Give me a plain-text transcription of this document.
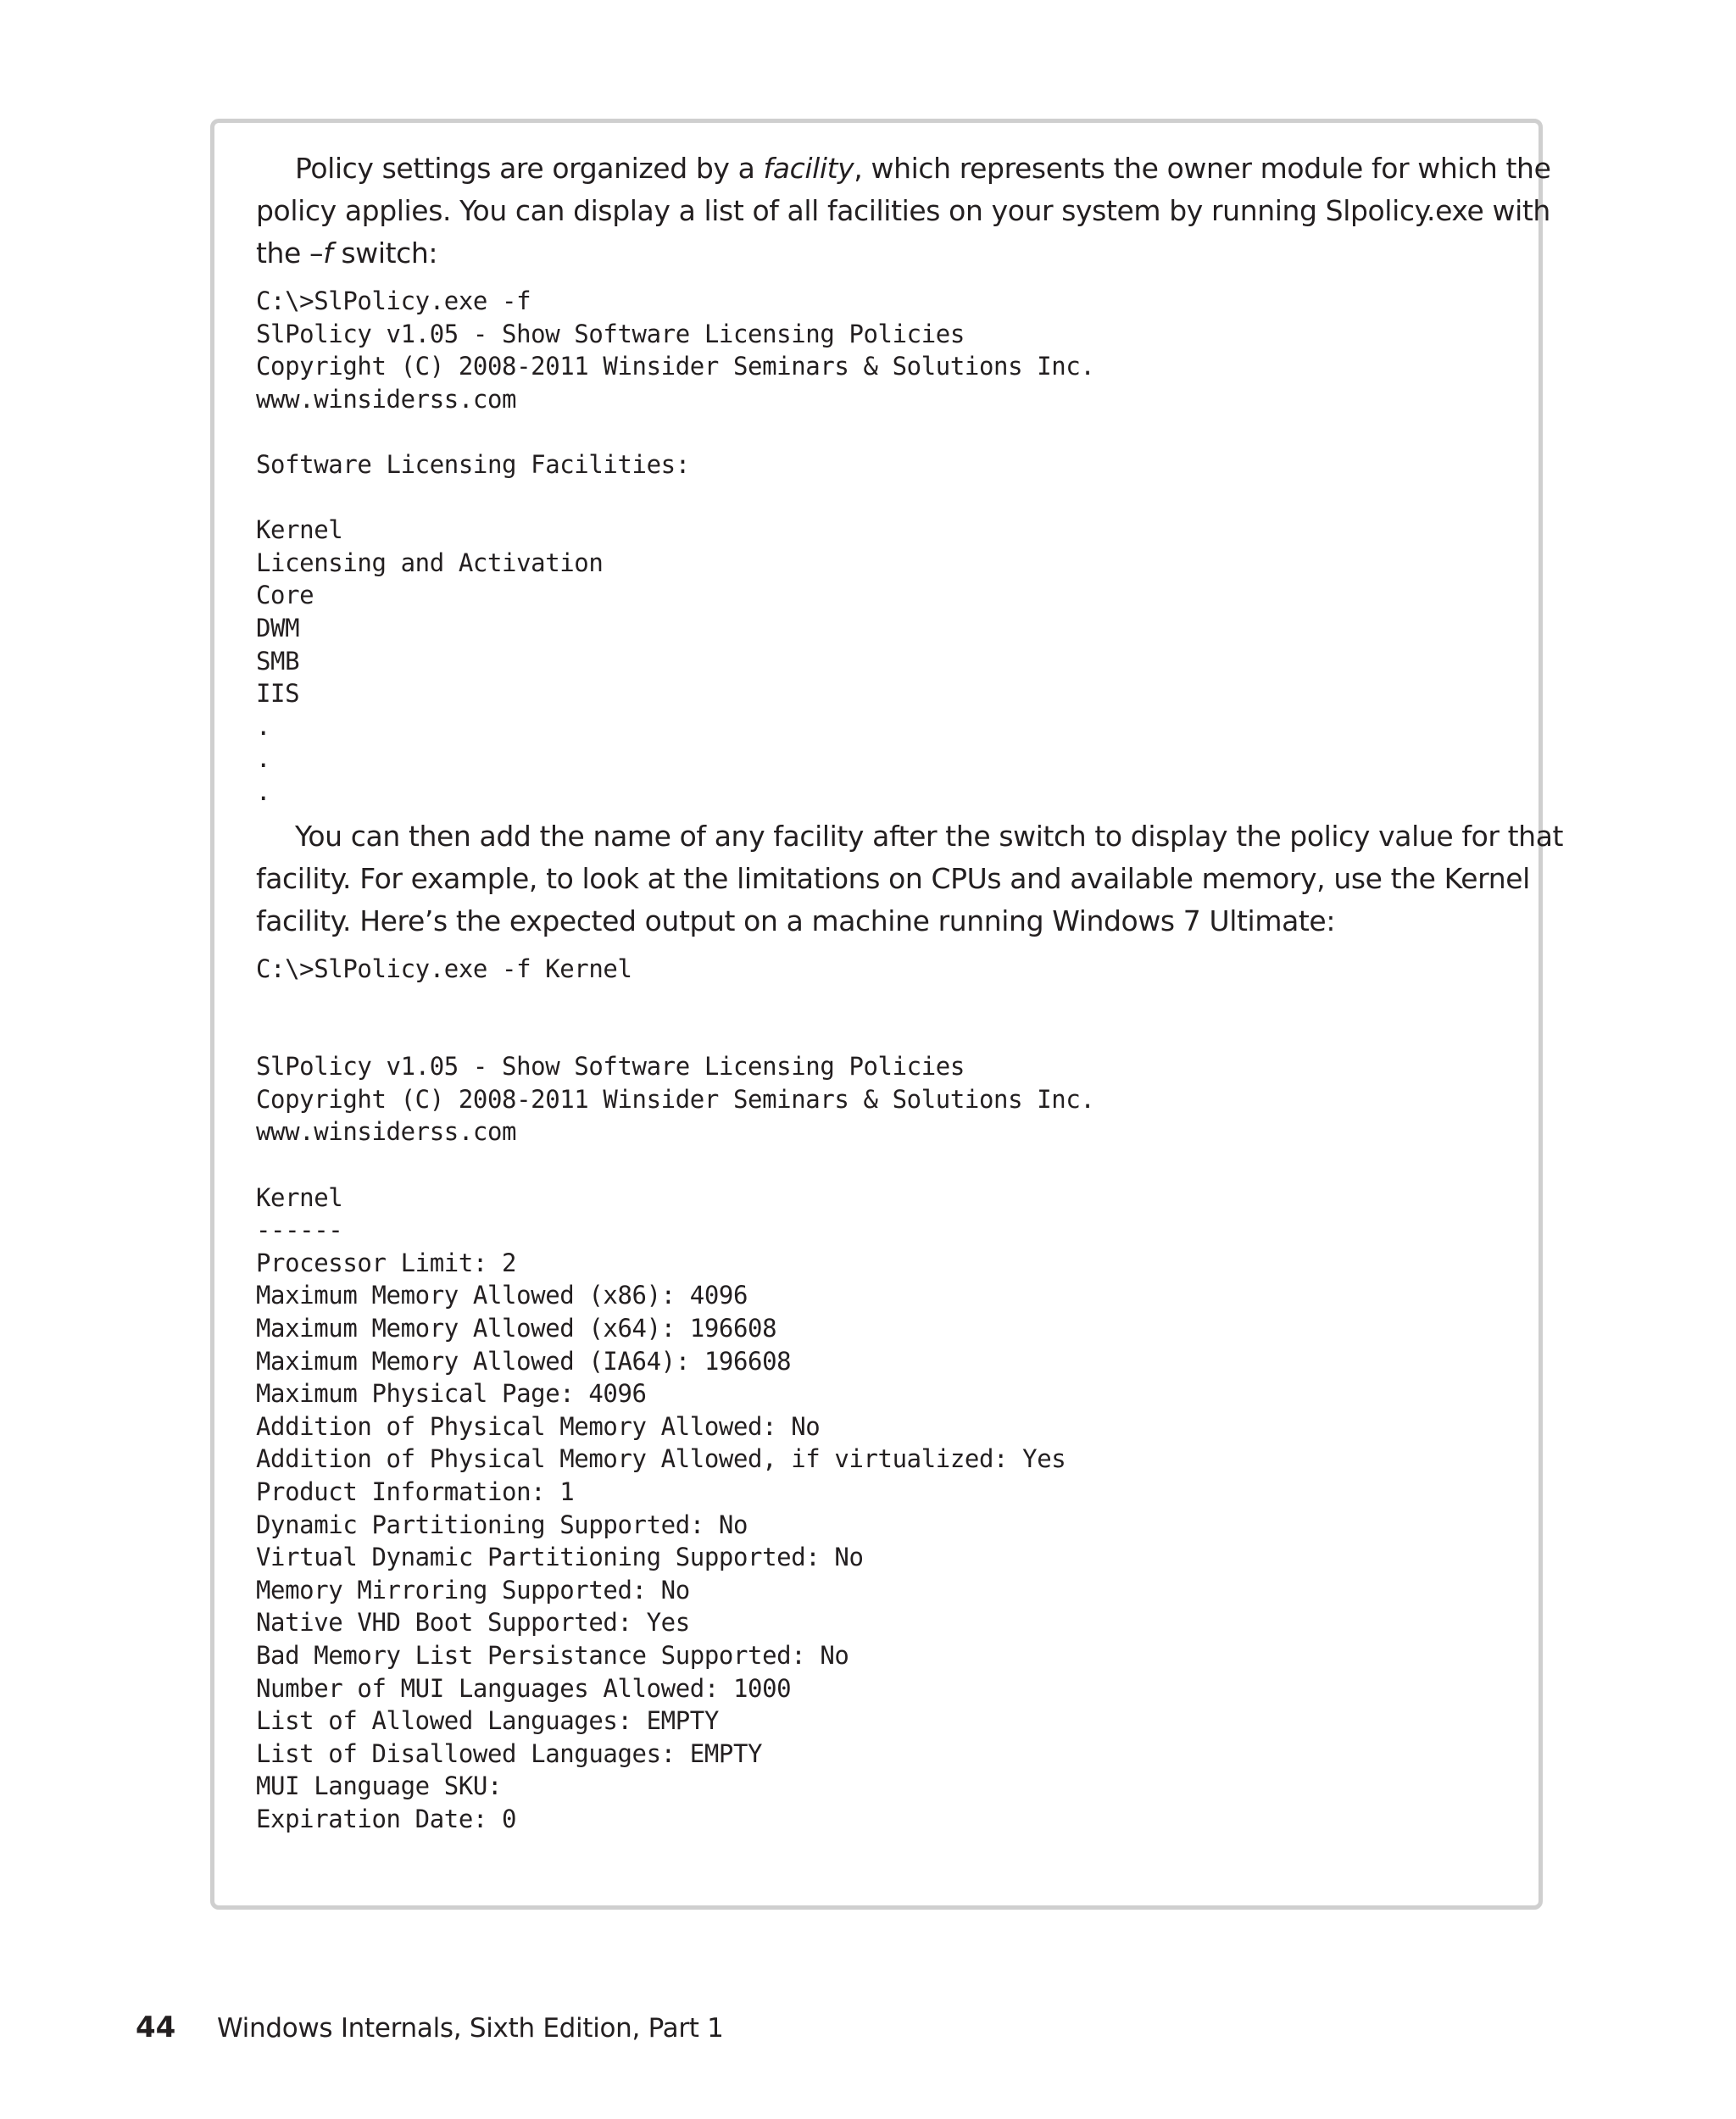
Policy settings are organized by a facility, which represents the owner module for which the
policy applies. You can display a list of all facilities on your system by running Slpolicy.exe with
the –f switch:

C:\>SlPolicy.exe -f
SlPolicy v1.05 - Show Software Licensing Policies
Copyright (C) 2008-2011 Winsider Seminars & Solutions Inc.
www.winsiderss.com
Software Licensing Facilities:
Kernel
Licensing and Activation
Core
DWM
SMB
IIS
.
.
.

You can then add the name of any facility after the switch to display the policy value for that
facility. For example, to look at the limitations on CPUs and available memory, use the Kernel
facility. Here’s the expected output on a machine running Windows 7 Ultimate:

C:\>SlPolicy.exe -f Kernel
SlPolicy v1.05 - Show Software Licensing Policies
Copyright (C) 2008-2011 Winsider Seminars & Solutions Inc.
www.winsiderss.com
Kernel
------
Processor Limit: 2
Maximum Memory Allowed (x86): 4096
Maximum Memory Allowed (x64): 196608
Maximum Memory Allowed (IA64): 196608
Maximum Physical Page: 4096
Addition of Physical Memory Allowed: No
Addition of Physical Memory Allowed, if virtualized: Yes
Product Information: 1
Dynamic Partitioning Supported: No
Virtual Dynamic Partitioning Supported: No
Memory Mirroring Supported: No
Native VHD Boot Supported: Yes
Bad Memory List Persistance Supported: No
Number of MUI Languages Allowed: 1000
List of Allowed Languages: EMPTY
List of Disallowed Languages: EMPTY
MUI Language SKU:
Expiration Date: 0
44 Windows Internals, Sixth Edition, Part 1
